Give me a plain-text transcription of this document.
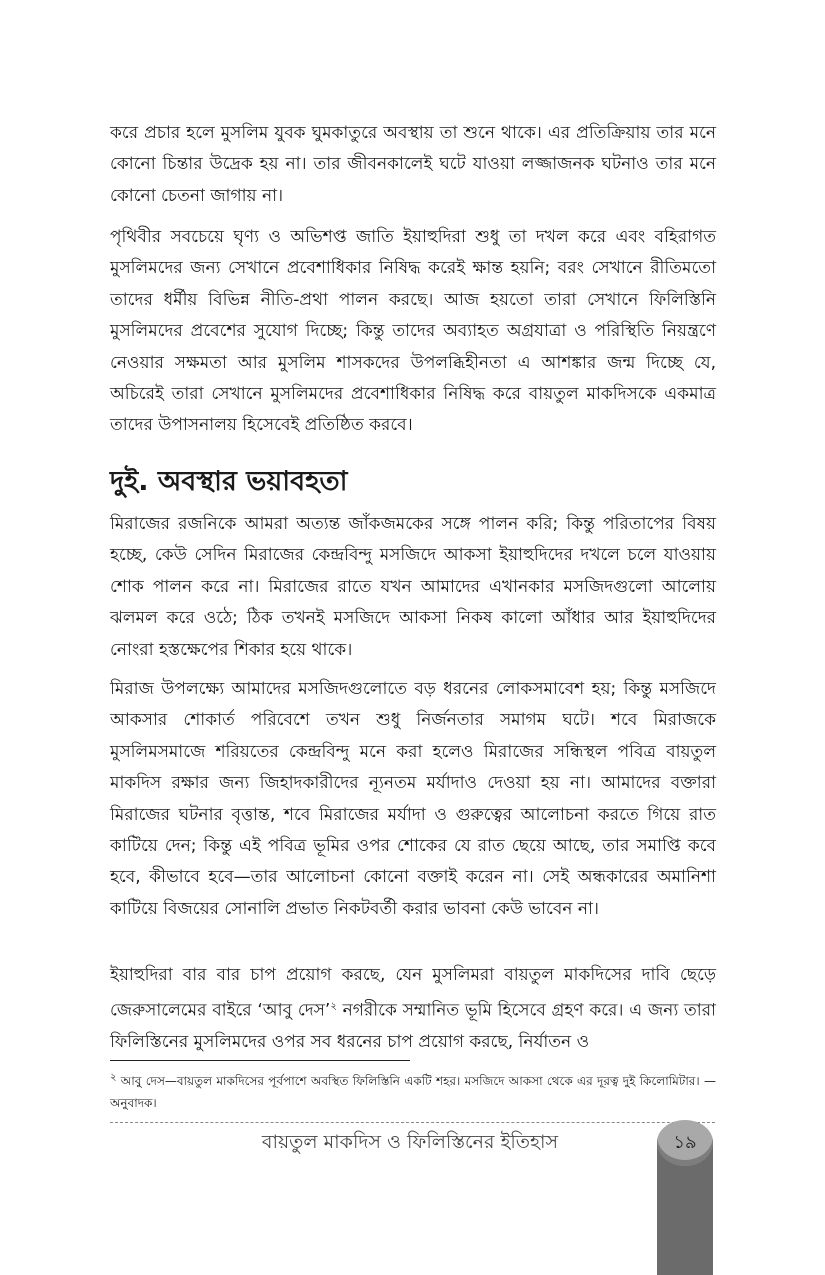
করে প্রচার হলে মুসলিম যুবক ঘুমকাতুরে অবস্থায় তা শুনে থাকে। এর প্রতিক্রিয়ায় তার মনে কোনো চিন্তার উদ্রেক হয় না। তার জীবনকালেই ঘটে যাওয়া লজ্জাজনক ঘটনাও তার মনে কোনো চেতনা জাগায় না।

পৃথিবীর সবচেয়ে ঘৃণ্য ও অভিশপ্ত জাতি ইয়াহুদিরা শুধু তা দখল করে এবং বহিরাগত মুসলিমদের জন্য সেখানে প্রবেশাধিকার নিষিদ্ধ করেই ক্ষান্ত হয়নি; বরং সেখানে রীতিমতো তাদের ধর্মীয় বিভিন্ন নীতি-প্রথা পালন করছে। আজ হয়তো তারা সেখানে ফিলিস্তিনি মুসলিমদের প্রবেশের সুযোগ দিচ্ছে; কিন্তু তাদের অব্যাহত অগ্রযাত্রা ও পরিস্থিতি নিয়ন্ত্রণে নেওয়ার সক্ষমতা আর মুসলিম শাসকদের উপলব্ধিহীনতা এ আশঙ্কার জন্ম দিচ্ছে যে, অচিরেই তারা সেখানে মুসলিমদের প্রবেশাধিকার নিষিদ্ধ করে বায়তুল মাকদিসকে একমাত্র তাদের উপাসনালয় হিসেবেই প্রতিষ্ঠিত করবে।

দুই. অবস্থার ভয়াবহতা

মিরাজের রজনিকে আমরা অত্যন্ত জাঁকজমকের সঙ্গে পালন করি; কিন্তু পরিতাপের বিষয় হচ্ছে, কেউ সেদিন মিরাজের কেন্দ্রবিন্দু মসজিদে আকসা ইয়াহুদিদের দখলে চলে যাওয়ায় শোক পালন করে না। মিরাজের রাতে যখন আমাদের এখানকার মসজিদগুলো আলোয় ঝলমল করে ওঠে; ঠিক তখনই মসজিদে আকসা নিকষ কালো আঁধার আর ইয়াহুদিদের নোংরা হস্তক্ষেপের শিকার হয়ে থাকে।

মিরাজ উপলক্ষ্যে আমাদের মসজিদগুলোতে বড় ধরনের লোকসমাবেশ হয়; কিন্তু মসজিদে আকসার শোকার্ত পরিবেশে তখন শুধু নির্জনতার সমাগম ঘটে। শবে মিরাজকে মুসলিমসমাজে শরিয়তের কেন্দ্রবিন্দু মনে করা হলেও মিরাজের সন্ধিস্থল পবিত্র বায়তুল মাকদিস রক্ষার জন্য জিহাদকারীদের ন্যূনতম মর্যাদাও দেওয়া হয় না। আমাদের বক্তারা মিরাজের ঘটনার বৃত্তান্ত, শবে মিরাজের মর্যাদা ও গুরুত্বের আলোচনা করতে গিয়ে রাত কাটিয়ে দেন; কিন্তু এই পবিত্র ভূমির ওপর শোকের যে রাত ছেয়ে আছে, তার সমাপ্তি কবে হবে, কীভাবে হবে—তার আলোচনা কোনো বক্তাই করেন না। সেই অন্ধকারের অমানিশা কাটিয়ে বিজয়ের সোনালি প্রভাত নিকটবর্তী করার ভাবনা কেউ ভাবেন না।

ইয়াহুদিরা বার বার চাপ প্রয়োগ করছে, যেন মুসলিমরা বায়তুল মাকদিসের দাবি ছেড়ে জেরুসালেমের বাইরে ‘আবু দেস’$^২$ নগরীকে সম্মানিত ভূমি হিসেবে গ্রহণ করে। এ জন্য তারা ফিলিস্তিনের মুসলিমদের ওপর সব ধরনের চাপ প্রয়োগ করছে, নির্যাতন ও

$^২$ আবু দেস—বায়তুল মাকদিসের পূর্বপাশে অবস্থিত ফিলিস্তিনি একটি শহর। মসজিদে আকসা থেকে এর দূরত্ব দুই কিলোমিটার। — অনুবাদক।

বায়তুল মাকদিস ও ফিলিস্তিনের ইতিহাস	১৯
